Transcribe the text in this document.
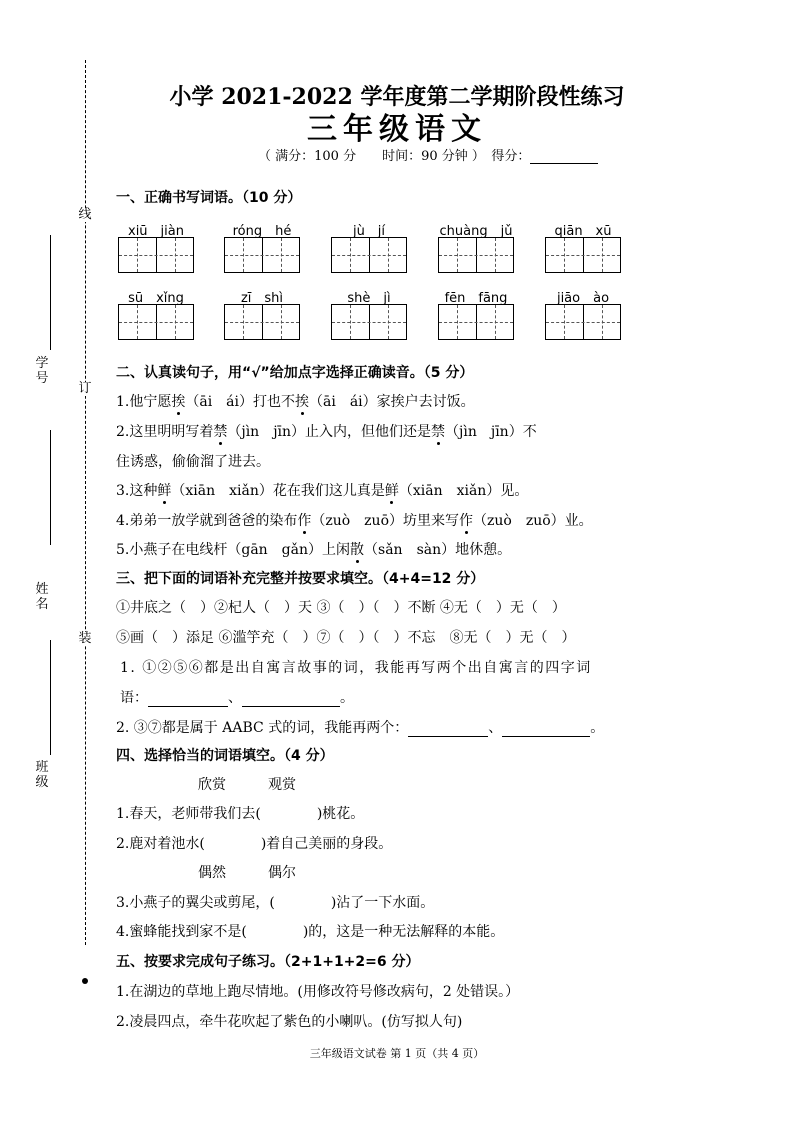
线
订
装
学号
姓名
班级
小学 2021-2022 学年度第二学期阶段性练习
三年级语文
（ 满分：100 分　　时间：90 分钟 ）　得分：
一、正确书写词语。（10 分）
xiū　jiàn	róng　hé	jù　jí	chuàng　jǔ	qiān　xū
sū　xǐng	zī　shì	shè　jì	fēn　fāng	jiāo　ào
二、认真读句子，用“√”给加点字选择正确读音。（5 分）
1.他宁愿挨（āi　ái）打也不挨（āi　ái）家挨户去讨饭。
2.这里明明写着禁（jìn　jīn）止入内，但他们还是禁（jìn　jīn）不
住诱惑，偷偷溜了进去。
3.这种鲜（xiān　xiǎn）花在我们这儿真是鲜（xiān　xiǎn）见。
4.弟弟一放学就到爸爸的染布作（zuò　zuō）坊里来写作（zuò　zuō）业。
5.小燕子在电线杆（gān　gǎn）上闲散（sǎn　sàn）地休憩。
三、把下面的词语补充完整并按要求填空。（4+4=12 分）
①井底之（　）②杞人（　）天 ③（　）（　）不断 ④无（　）无（　）
⑤画（　）添足 ⑥滥竽充（　）⑦（　）（　）不忘　⑧无（　）无（　）
1. ①②⑤⑥都是出自寓言故事的词，我能再写两个出自寓言的四字词
语：	、	。
2. ③⑦都是属于 AABC 式的词，我能再两个：	、	。
四、选择恰当的词语填空。（4 分）
欣赏　　　观赏
1.春天，老师带我们去(　　　　)桃花。
2.鹿对着池水(　　　　)着自己美丽的身段。
偶然　　　偶尔
3.小燕子的翼尖或剪尾，(　　　　)沾了一下水面。
4.蜜蜂能找到家不是(　　　　)的，这是一种无法解释的本能。
五、按要求完成句子练习。（2+1+1+2=6 分）
1.在湖边的草地上跑尽情地。(用修改符号修改病句，2 处错误。）
2.凌晨四点，牵牛花吹起了紫色的小喇叭。(仿写拟人句)
三年级语文试卷 第 1 页（共 4 页）
